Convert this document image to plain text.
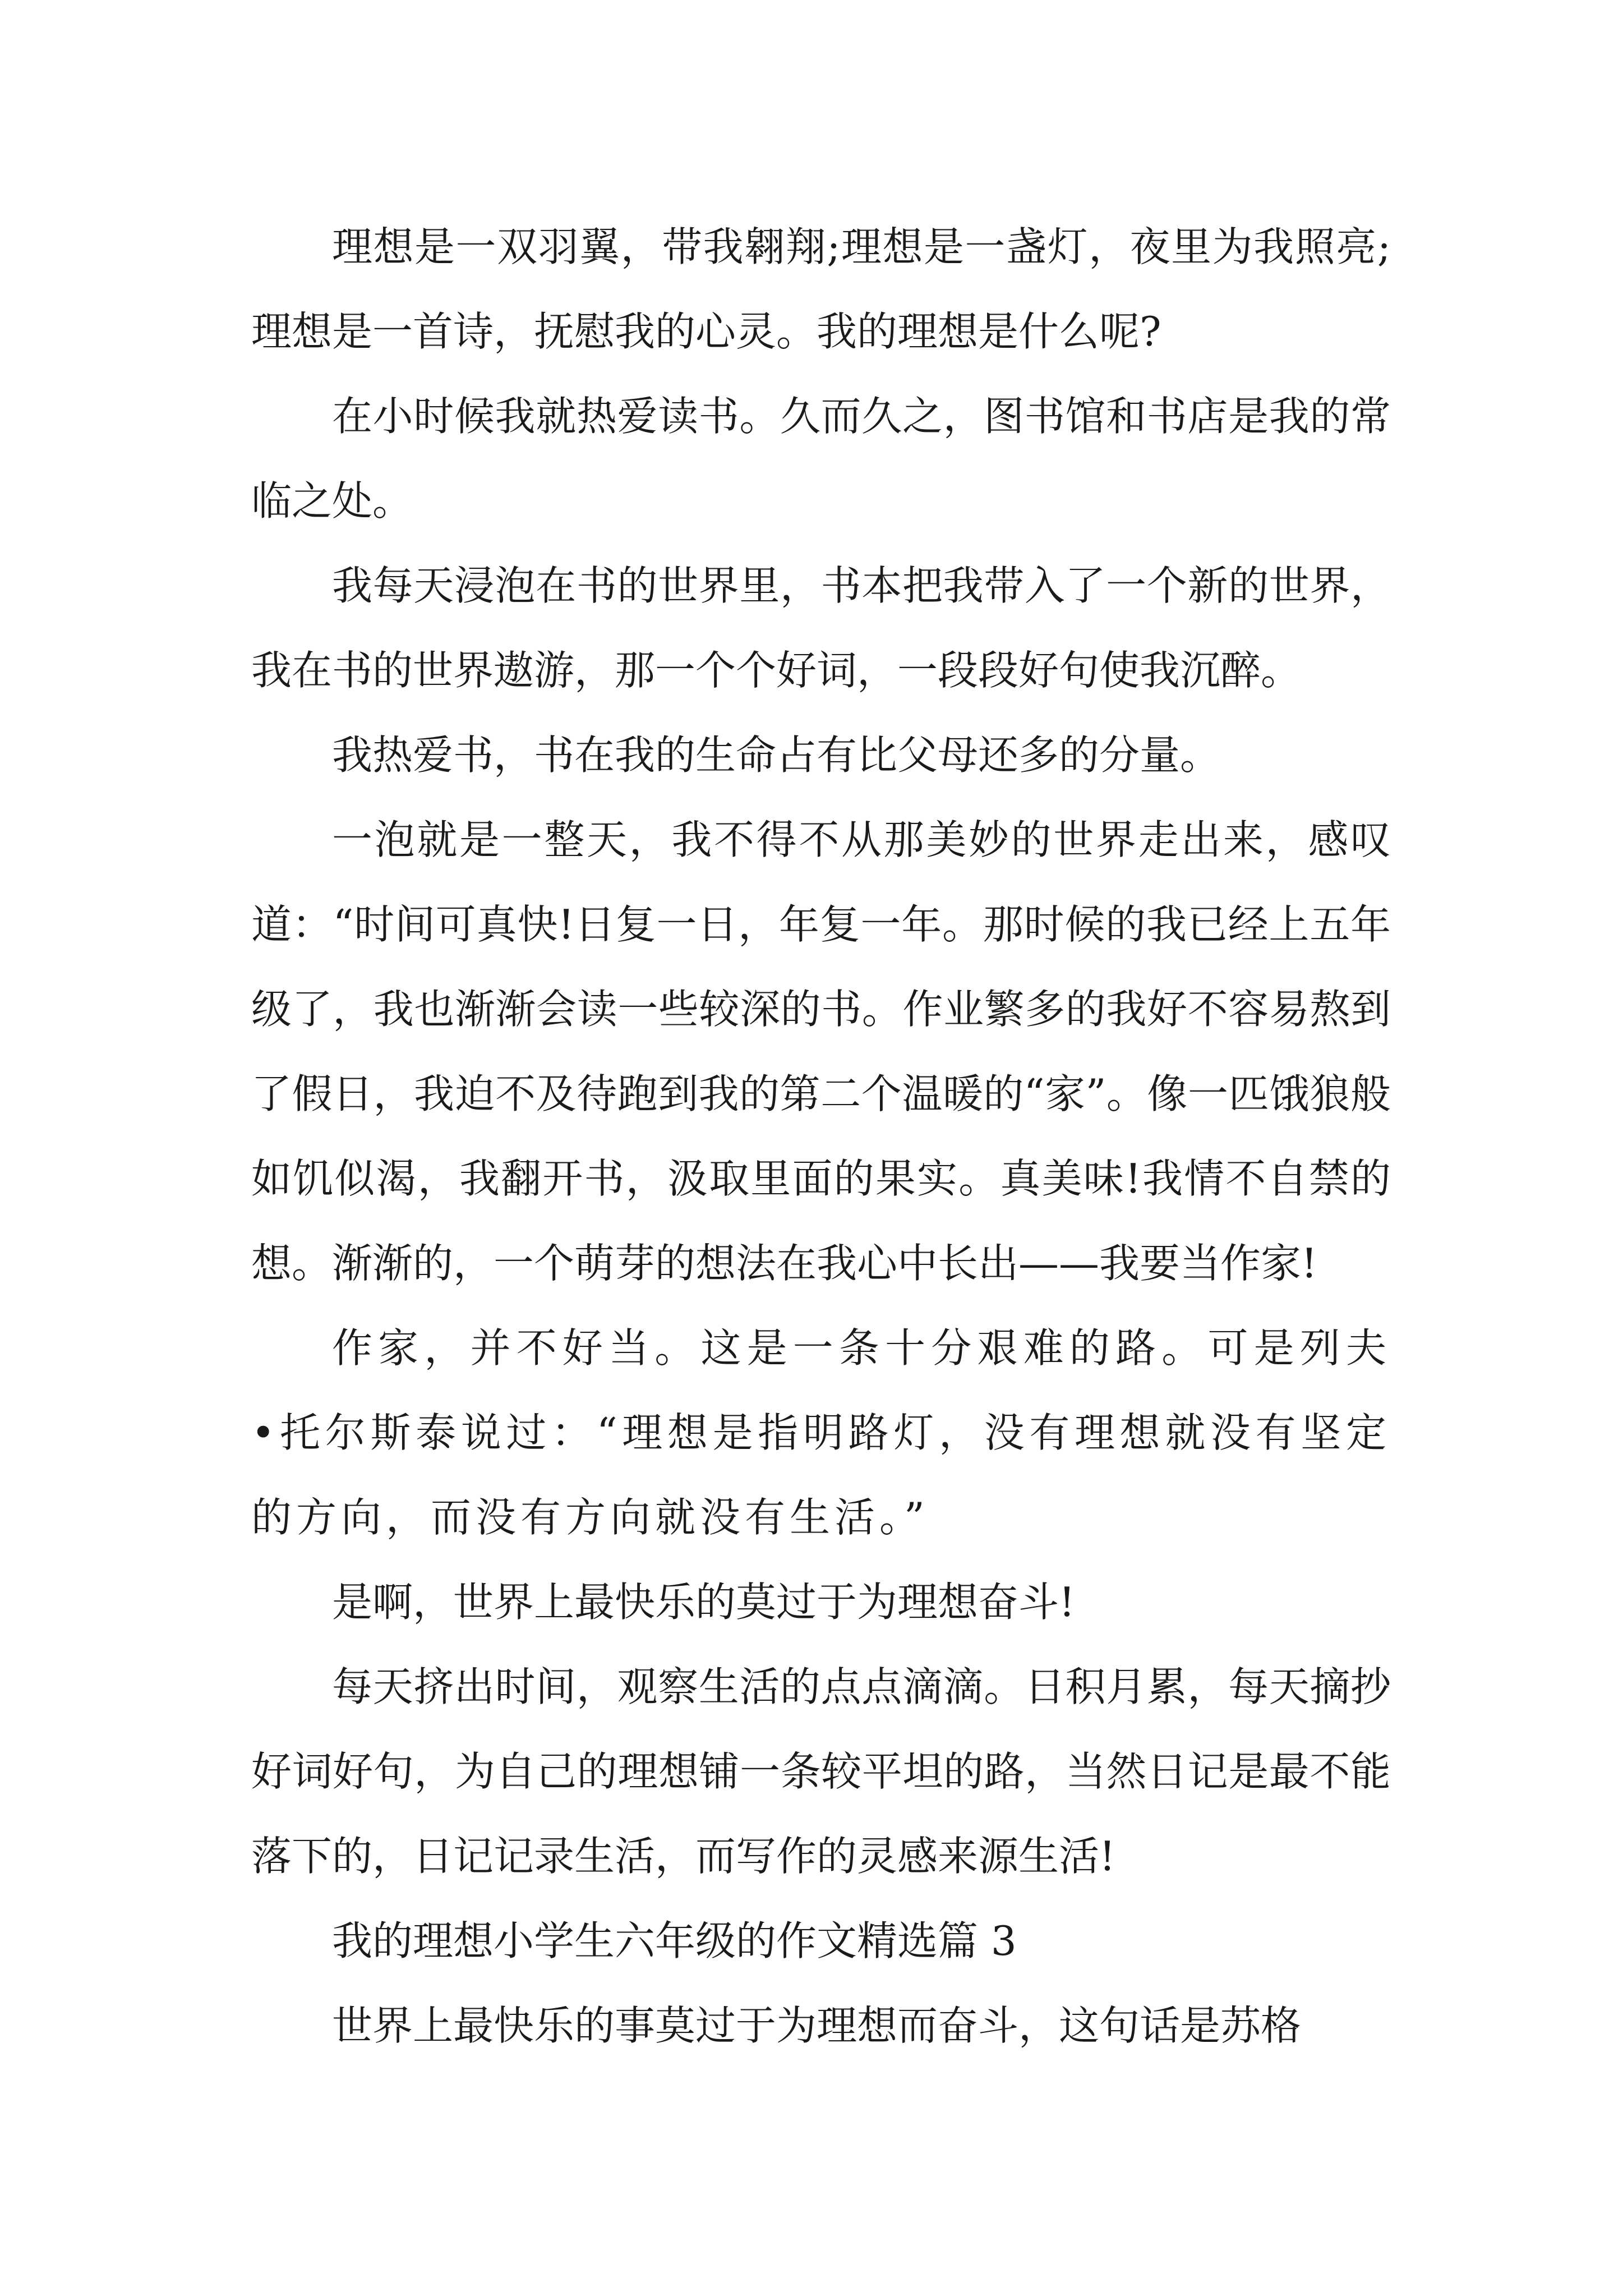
理想是一双羽翼，带我翱翔;理想是一盏灯，夜里为我照亮;理想是一首诗，抚慰我的心灵。我的理想是什么呢?

在小时候我就热爱读书。久而久之，图书馆和书店是我的常临之处。

我每天浸泡在书的世界里，书本把我带入了一个新的世界，我在书的世界遨游，那一个个好词，一段段好句使我沉醉。

我热爱书，书在我的生命占有比父母还多的分量。

一泡就是一整天，我不得不从那美妙的世界走出来，感叹道：“时间可真快!日复一日，年复一年。那时候的我已经上五年级了，我也渐渐会读一些较深的书。作业繁多的我好不容易熬到了假日，我迫不及待跑到我的第二个温暖的“家”。像一匹饿狼般如饥似渴，我翻开书，汲取里面的果实。真美味!我情不自禁的想。渐渐的，一个萌芽的想法在我心中长出——我要当作家!

作家，并不好当。这是一条十分艰难的路。可是列夫•托尔斯泰说过：“理想是指明路灯，没有理想就没有坚定的方向，而没有方向就没有生活。”

是啊，世界上最快乐的莫过于为理想奋斗!

每天挤出时间，观察生活的点点滴滴。日积月累，每天摘抄好词好句，为自己的理想铺一条较平坦的路，当然日记是最不能落下的，日记记录生活，而写作的灵感来源生活!

我的理想小学生六年级的作文精选篇 3

世界上最快乐的事莫过于为理想而奋斗，这句话是苏格
